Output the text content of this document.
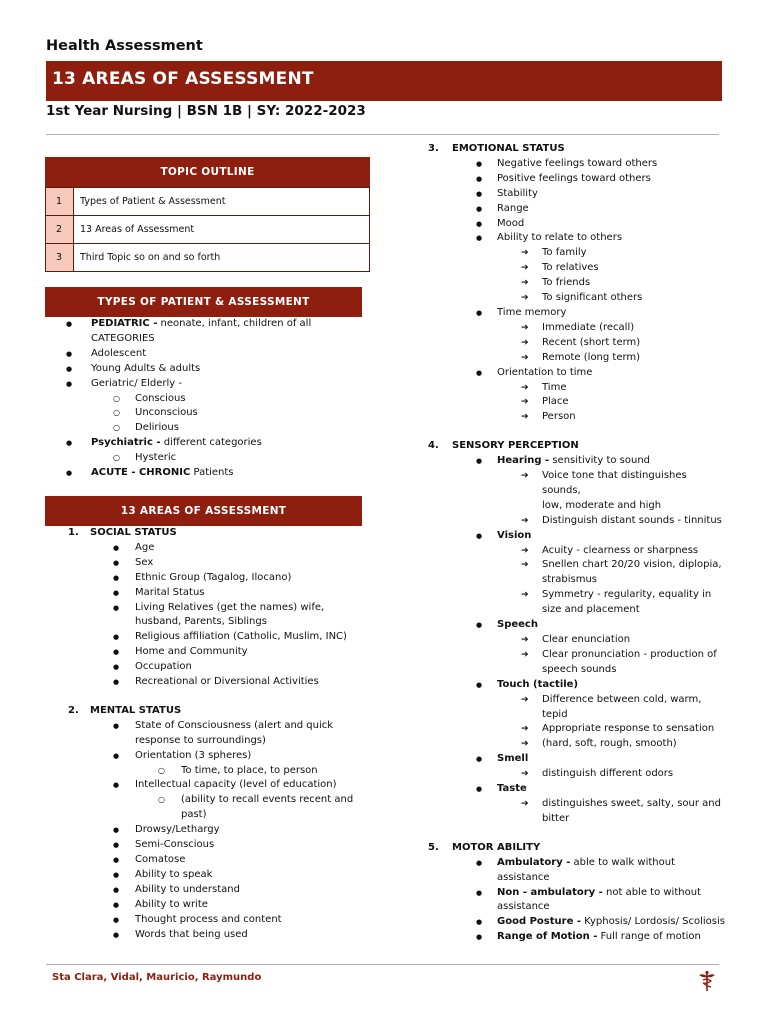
Health Assessment
13 AREAS OF ASSESSMENT
1st Year Nursing | BSN 1B | SY: 2022-2023
TOPIC OUTLINE
1	Types of Patient & Assessment
2	13 Areas of Assessment
3	Third Topic so on and so forth
TYPES OF PATIENT & ASSESSMENT
● PEDIATRIC - neonate, infant, children of all
CATEGORIES
● Adolescent
● Young Adults & adults
● Geriatric/ Elderly -
○ Conscious
○ Unconscious
○ Delirious
● Psychiatric - different categories
○ Hysteric
● ACUTE - CHRONIC Patients
13 AREAS OF ASSESSMENT
1. SOCIAL STATUS
● Age
● Sex
● Ethnic Group (Tagalog, Ilocano)
● Marital Status
● Living Relatives (get the names) wife,
husband, Parents, Siblings
● Religious affiliation (Catholic, Muslim, INC)
● Home and Community
● Occupation
● Recreational or Diversional Activities
2. MENTAL STATUS
● State of Consciousness (alert and quick
response to surroundings)
● Orientation (3 spheres)
○ To time, to place, to person
● Intellectual capacity (level of education)
○ (ability to recall events recent and
past)
● Drowsy/Lethargy
● Semi-Conscious
● Comatose
● Ability to speak
● Ability to understand
● Ability to write
● Thought process and content
● Words that being used
3. EMOTIONAL STATUS
● Negative feelings toward others
● Positive feelings toward others
● Stability
● Range
● Mood
● Ability to relate to others
➔ To family
➔ To relatives
➔ To friends
➔ To significant others
● Time memory
➔ Immediate (recall)
➔ Recent (short term)
➔ Remote (long term)
● Orientation to time
➔ Time
➔ Place
➔ Person
4. SENSORY PERCEPTION
● Hearing - sensitivity to sound
➔ Voice tone that distinguishes sounds,
low, moderate and high
➔ Distinguish distant sounds - tinnitus
● Vision
➔ Acuity - clearness or sharpness
➔ Snellen chart 20/20 vision, diplopia,
strabismus
➔ Symmetry - regularity, equality in
size and placement
● Speech
➔ Clear enunciation
➔ Clear pronunciation - production of
speech sounds
● Touch (tactile)
➔ Difference between cold, warm,
tepid
➔ Appropriate response to sensation
➔ (hard, soft, rough, smooth)
● Smell
➔ distinguish different odors
● Taste
➔ distinguishes sweet, salty, sour and
bitter
5. MOTOR ABILITY
● Ambulatory - able to walk without assistance
● Non - ambulatory - not able to without
assistance
● Good Posture - Kyphosis/ Lordosis/ Scoliosis
● Range of Motion - Full range of motion
Sta Clara, Vidal, Mauricio, Raymundo
